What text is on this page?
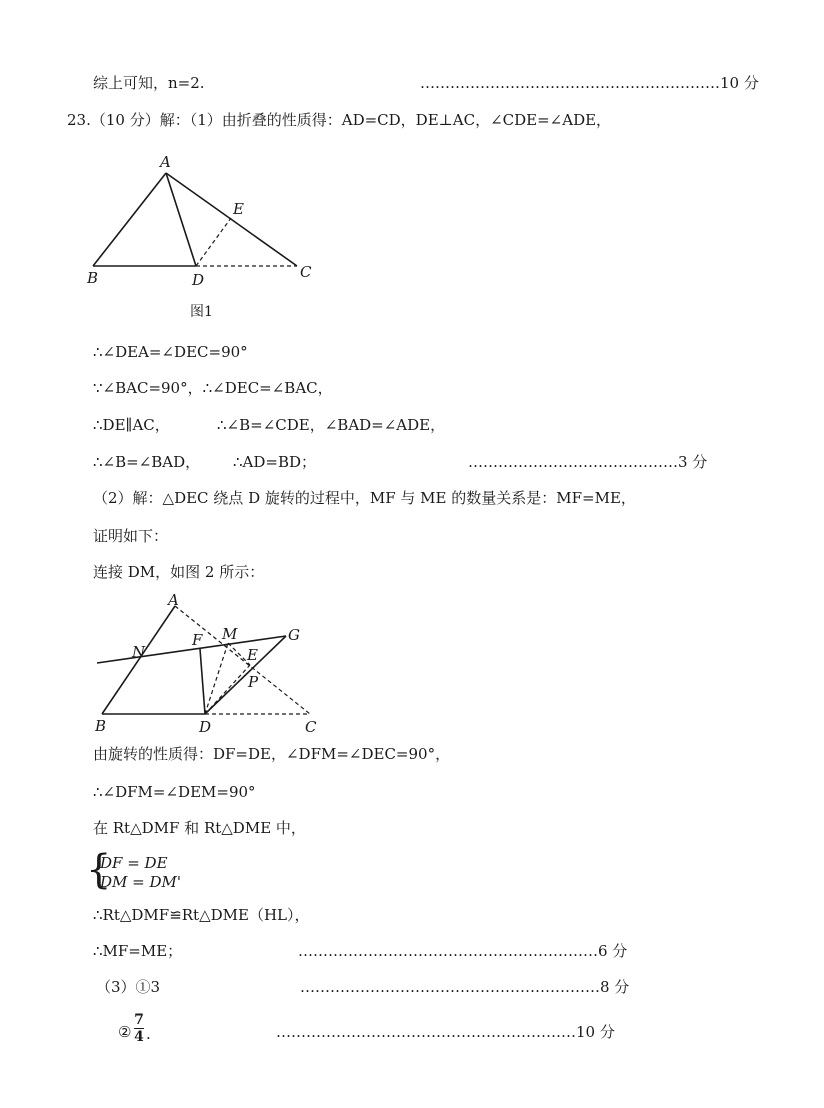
综上可知，n=2.	……………………………………………………10 分
23.（10 分）解：（1）由折叠的性质得：AD=CD，DE⊥AC，∠CDE=∠ADE，
A
B	D	C
E
图1
∴∠DEA=∠DEC=90°
∵∠BAC=90°，∴∠DEC=∠BAC，
∴DE∥AC，	∴∠B=∠CDE，∠BAD=∠ADE，
∴∠B=∠BAD， ∴AD=BD；	……………………………………3 分
（2）解：△DEC 绕点 D 旋转的过程中，MF 与 ME 的数量关系是：MF=ME，
证明如下：
连接 DM，如图 2 所示：
A
N
F M	G
E
P
B	D	C
由旋转的性质得：DF=DE，∠DFM=∠DEC=90°，
∴∠DFM=∠DEM=90°
在 Rt△DMF 和 Rt△DME 中，
{
DF = DE
DM = DM'
∴Rt△DMF≌Rt△DME（HL），
∴MF=ME；	……………………………………………………6 分
（3）①3	……………………………………………………8 分
②
7
4 .	……………………………………………………10 分
